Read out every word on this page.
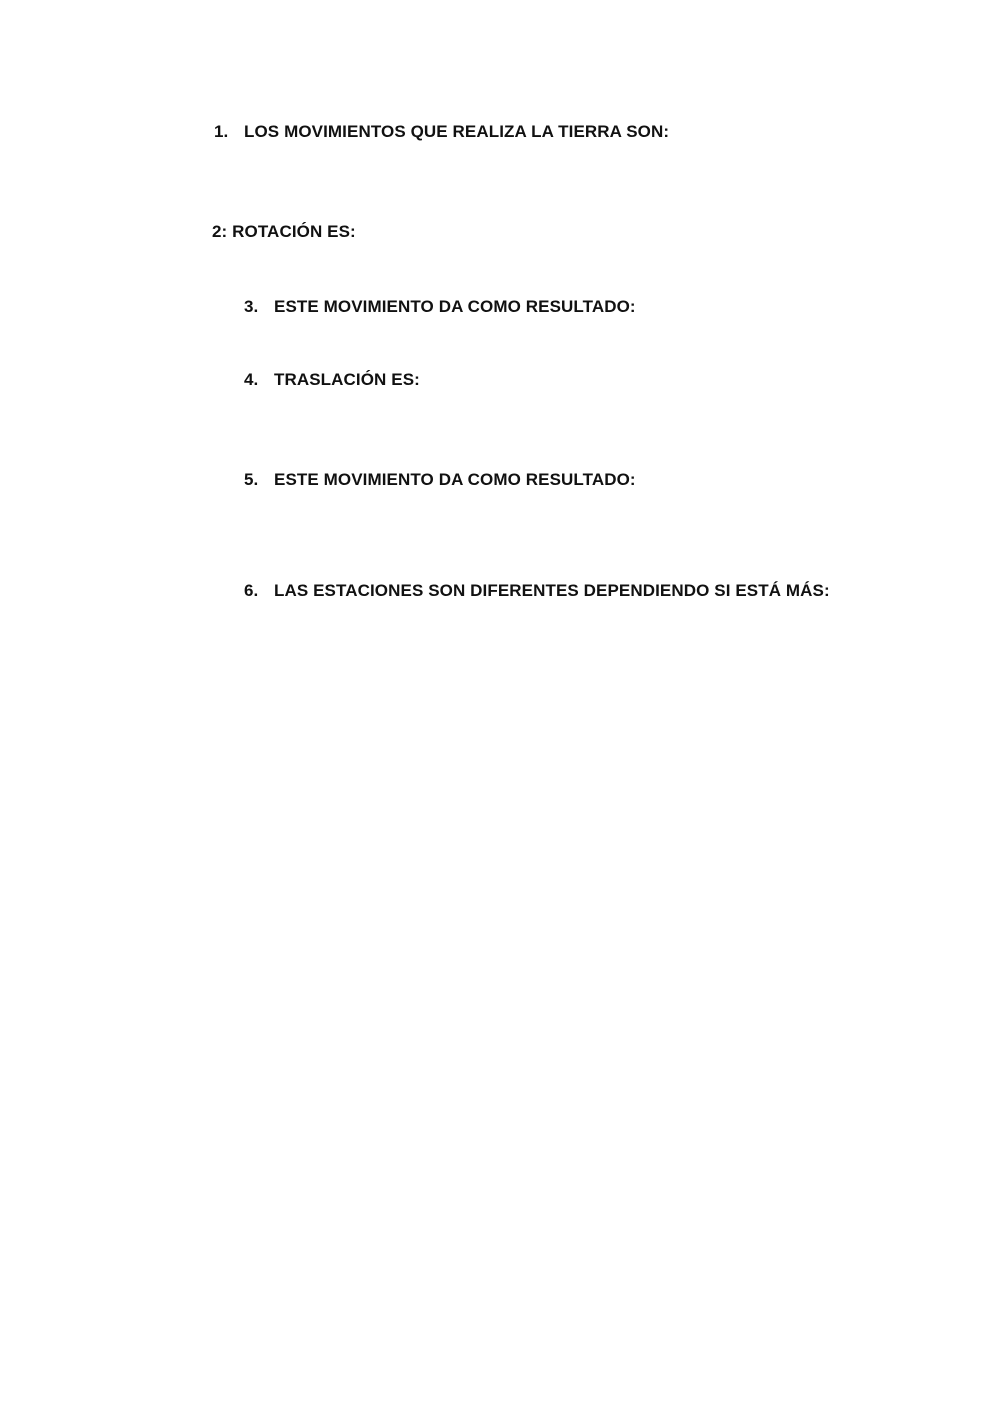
1. LOS MOVIMIENTOS QUE REALIZA LA TIERRA SON:
2: ROTACIÓN ES:
3. ESTE MOVIMIENTO DA COMO RESULTADO:
4. TRASLACIÓN ES:
5. ESTE MOVIMIENTO DA COMO RESULTADO:
6. LAS ESTACIONES SON DIFERENTES DEPENDIENDO SI ESTÁ MÁS:
